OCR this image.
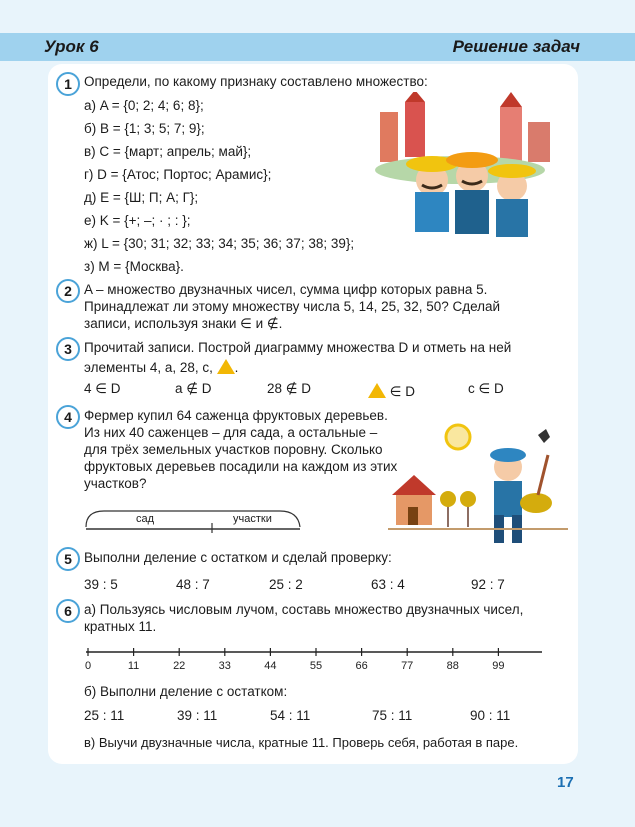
Урок 6	Решение задач
1 Определи, по какому признаку составлено множество:
а) A = {0; 2; 4; 6; 8};
б) B = {1; 3; 5; 7; 9};
в) C = {март; апрель; май};
г) D = {Атос; Портос; Арамис};
д) E = {Ш; П; А; Г};
е) K = {+; –; · ; : };
ж) L = {30; 31; 32; 33; 34; 35; 36; 37; 38; 39};
з) M = {Москва}.
2 A – множество двузначных чисел, сумма цифр которых равна 5.
Принадлежат ли этому множеству числа 5, 14, 25, 32, 50? Сделай
записи, используя знаки ∈ и ∉.
3 Прочитай записи. Построй диаграмму множества D и отметь на ней
элементы 4, a, 28, c, .
4 ∈ D	a ∉ D	28 ∉ D	∈ D	c ∈ D
4 Фермер купил 64 саженца фруктовых деревьев.
Из них 40 саженцев – для сада, а остальные –
для трёх земельных участков поровну. Сколько
фруктовых деревьев посадили на каждом из этих
участков?
сад	участки
5 Выполни деление с остатком и сделай проверку:
39 : 5	48 : 7	25 : 2	63 : 4	92 : 7
6 а) Пользуясь числовым лучом, составь множество двузначных чисел,
кратных 11.
0	11	22	33	44	55	66	77	88	99
б) Выполни деление с остатком:
25 : 11	39 : 11	54 : 11	75 : 11	90 : 11
в) Выучи двузначные числа, кратные 11. Проверь себя, работая в паре.
17
